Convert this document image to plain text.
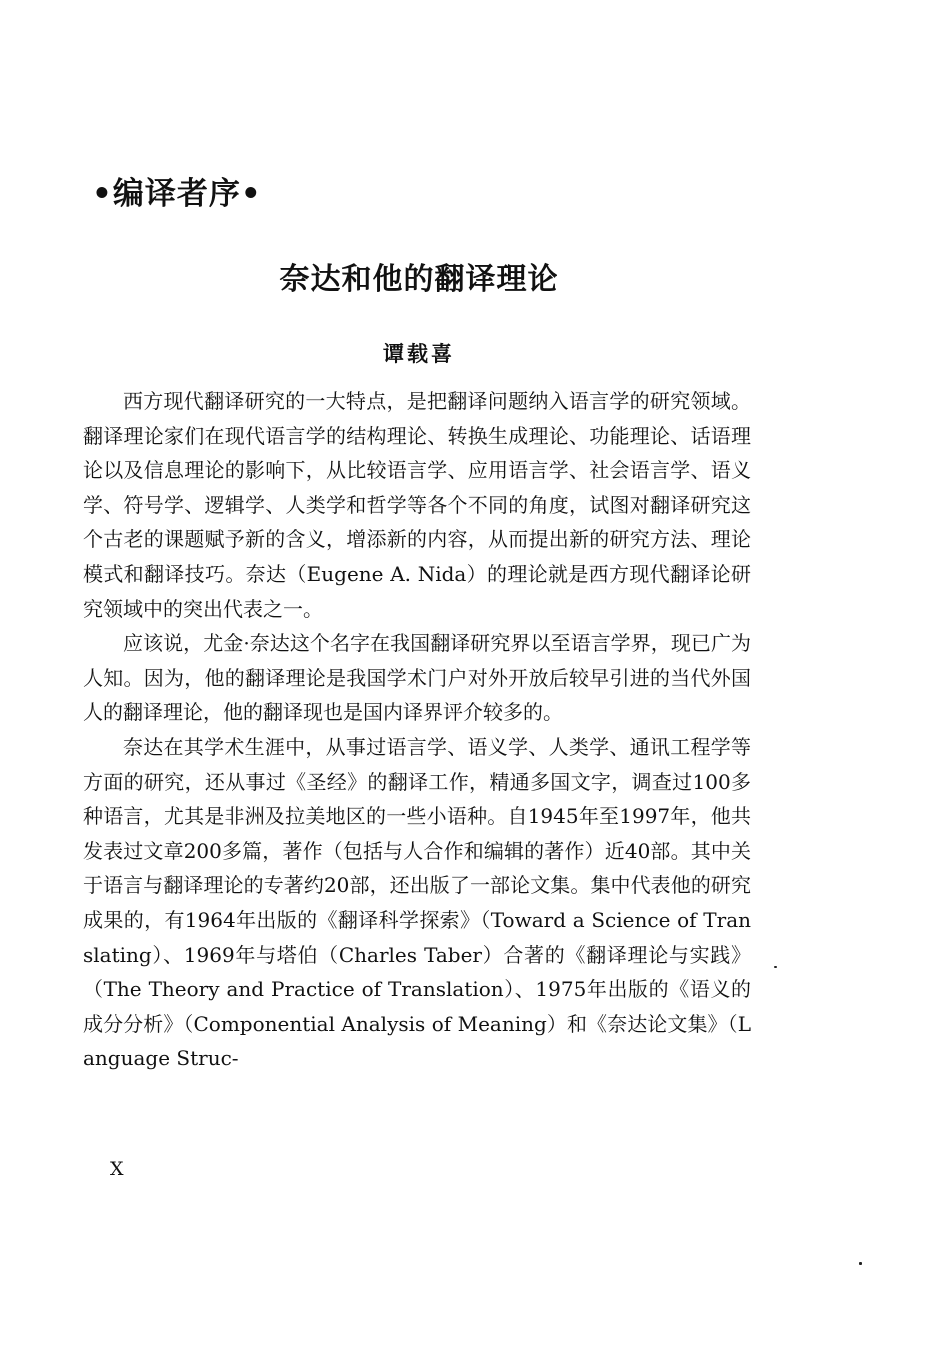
•编译者序•
奈达和他的翻译理论
谭载喜

西方现代翻译研究的一大特点，是把翻译问题纳入语言学的研究领域。翻译理论家们在现代语言学的结构理论、转换生成理论、功能理论、话语理论以及信息理论的影响下，从比较语言学、应用语言学、社会语言学、语义学、符号学、逻辑学、人类学和哲学等各个不同的角度，试图对翻译研究这个古老的课题赋予新的含义，增添新的内容，从而提出新的研究方法、理论模式和翻译技巧。奈达（Eugene A. Nida）的理论就是西方现代翻译论研究领域中的突出代表之一。

应该说，尤金·奈达这个名字在我国翻译研究界以至语言学界，现已广为人知。因为，他的翻译理论是我国学术门户对外开放后较早引进的当代外国人的翻译理论，他的翻译现也是国内译界评介较多的。

奈达在其学术生涯中，从事过语言学、语义学、人类学、通讯工程学等方面的研究，还从事过《圣经》的翻译工作，精通多国文字，调查过100多种语言，尤其是非洲及拉美地区的一些小语种。自1945年至1997年，他共发表过文章200多篇，著作（包括与人合作和编辑的著作）近40部。其中关于语言与翻译理论的专著约20部，还出版了一部论文集。集中代表他的研究成果的，有1964年出版的《翻译科学探索》（Toward a Science of Translating）、1969年与塔伯（Charles Taber）合著的《翻译理论与实践》（The Theory and Practice of Translation）、1975年出版的《语义的成分分析》（Componential Analysis of Meaning）和《奈达论文集》（Language Struc-

X
